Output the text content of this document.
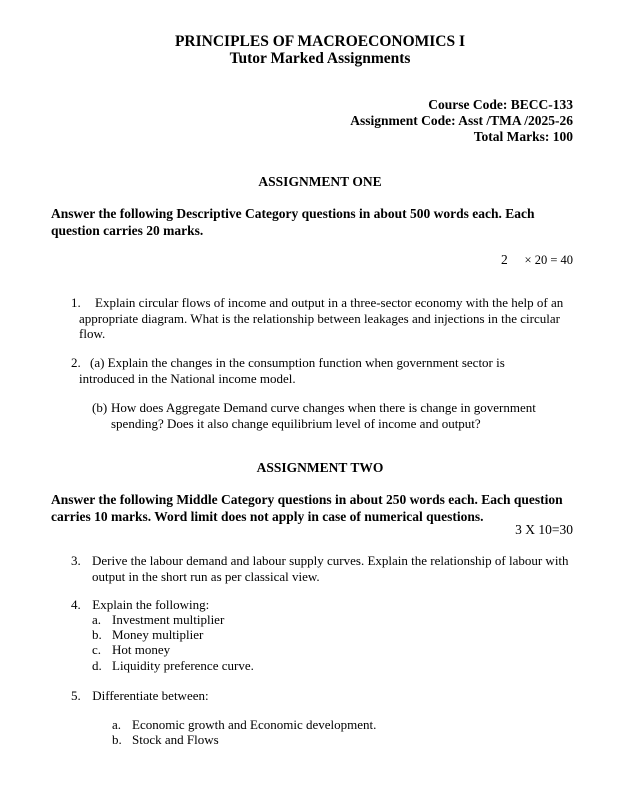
PRINCIPLES OF MACROECONOMICS I
Tutor Marked Assignments
Course Code: BECC-133
Assignment Code: Asst /TMA /2025-26
Total Marks: 100
ASSIGNMENT ONE
Answer the following Descriptive Category questions in about 500 words each. Each question carries 20 marks.
2 × 20 = 40
1.	Explain circular flows of income and output in a three-sector economy with the help of an appropriate diagram. What is the relationship between leakages and injections in the circular flow.
2. (a) Explain the changes in the consumption function when government sector is introduced in the National income model.
(b) How does Aggregate Demand curve changes when there is change in government spending? Does it also change equilibrium level of income and output?
ASSIGNMENT TWO
Answer the following Middle Category questions in about 250 words each. Each question carries 10 marks. Word limit does not apply in case of numerical questions.
3 X 10=30
3. Derive the labour demand and labour supply curves. Explain the relationship of labour with output in the short run as per classical view.
4. Explain the following:
a. Investment multiplier
b. Money multiplier
c. Hot money
d. Liquidity preference curve.
5. Differentiate between:
a. Economic growth and Economic development.
b. Stock and Flows
